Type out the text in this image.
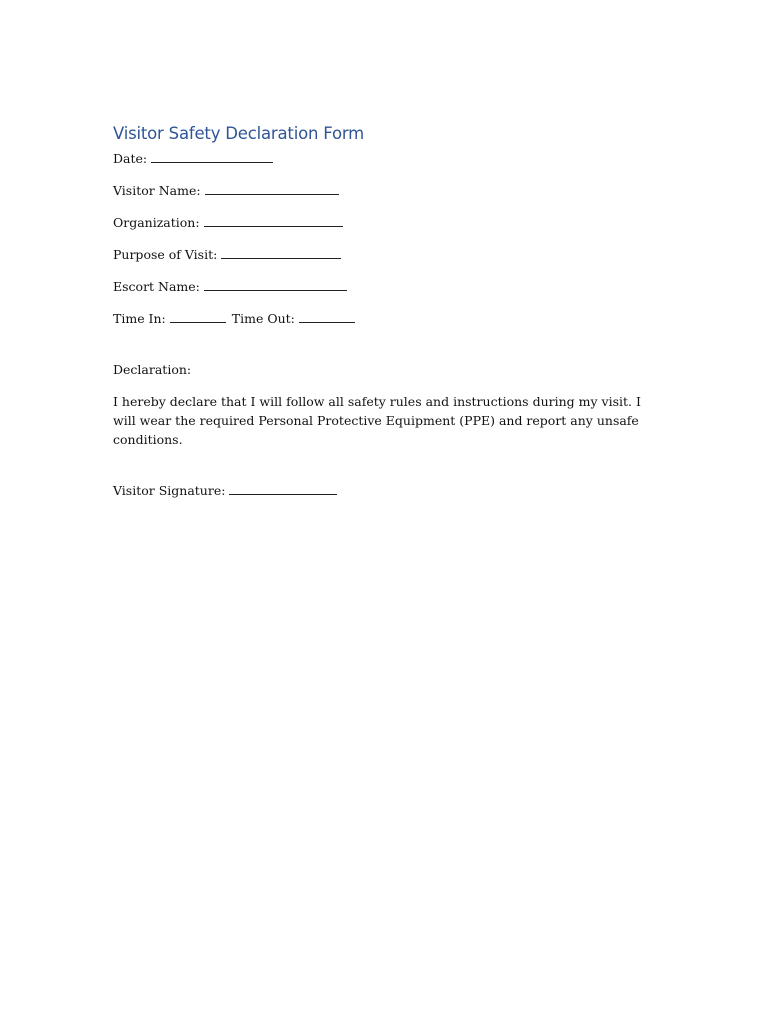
Visitor Safety Declaration Form
Date:
Visitor Name:
Organization:
Purpose of Visit:
Escort Name:
Time In:	Time Out:
Declaration:
I hereby declare that I will follow all safety rules and instructions during my visit. I will wear the required Personal Protective Equipment (PPE) and report any unsafe conditions.
Visitor Signature:
